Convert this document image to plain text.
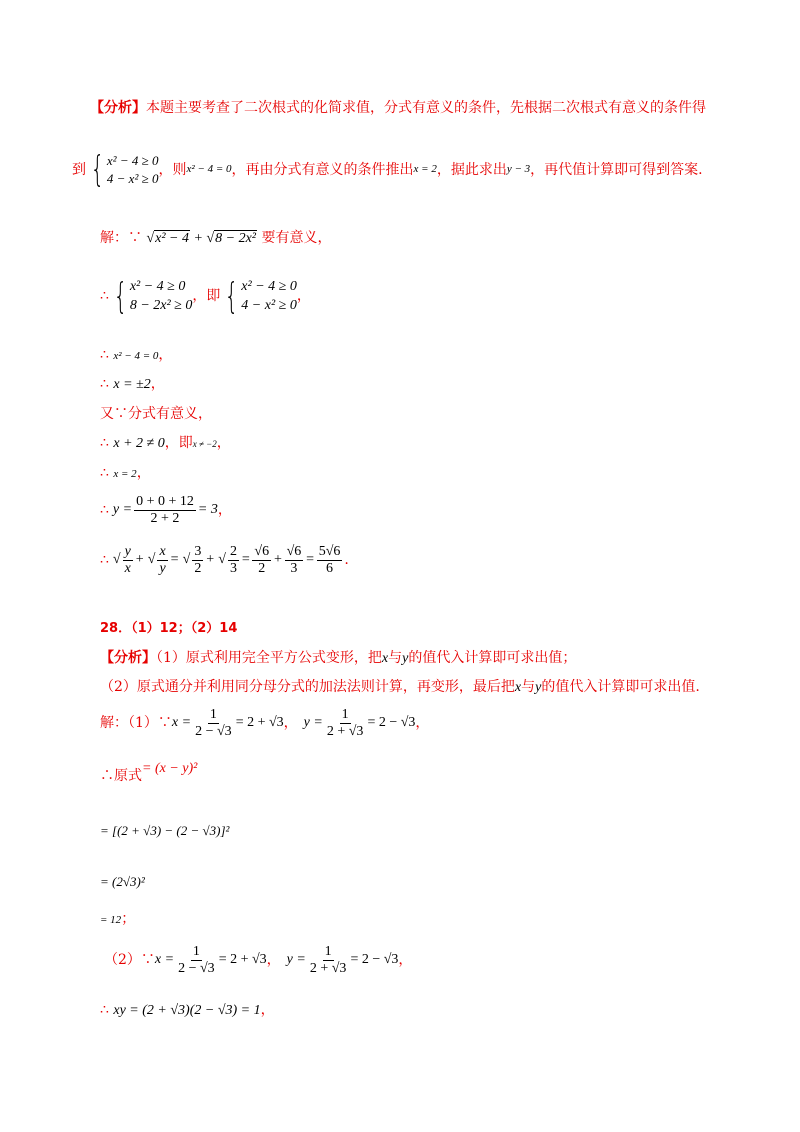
【分析】本题主要考查了二次根式的化简求值，分式有意义的条件，先根据二次根式有意义的条件得
到 { x² − 4 ≥ 0
4 − x² ≥ 0
，则 x² − 4 = 0 ，再由分式有意义的条件推出 x = 2 ，据此求出 y − 3 ，再代值计算即可得到答案.
解：∵ √x² − 4 + √8 − 2x² 要有意义，
∴ { x² − 4 ≥ 0
8 − 2x² ≥ 0
，即 { x² − 4 ≥ 0
4 − x² ≥ 0
，
∴ x² − 4 = 0，
∴ x = ±2，
又∵分式有意义，
∴ x + 2 ≠ 0，即x ≠ −2，
∴ x = 2，
∴ $y = \frac{0 + 0 + 12}{2 + 2} = 3$ ，
∴ √ $\frac{y}{x}$ + √ $\frac{x}{y}$ = √ $\frac{3}{2}$ + √ $\frac{2}{3} = \frac{√6}{2} + \frac{√6}{3} = \frac{5√6}{6}$ .
28．（1）12；（2）14
【分析】（1）原式利用完全平方公式变形，把x与y的值代入计算即可求出值；
（2）原式通分并利用同分母分式的加法法则计算，再变形，最后把x与y的值代入计算即可求出值.
解：（1）∵ $x = \frac{1}{2 - √3} = 2 + √3$ ， $y = \frac{1}{2 + √3} = 2 - √3$ ，
∴原式= (x − y)²
= [(2 + √3) − (2 − √3)]²
= (2√3)²
= 12；
（2）∵ $x = \frac{1}{2 - √3} = 2 + √3$ ， $y = \frac{1}{2 + √3} = 2 - √3$ ，
∴ xy = (2 + √3)(2 − √3) = 1，
